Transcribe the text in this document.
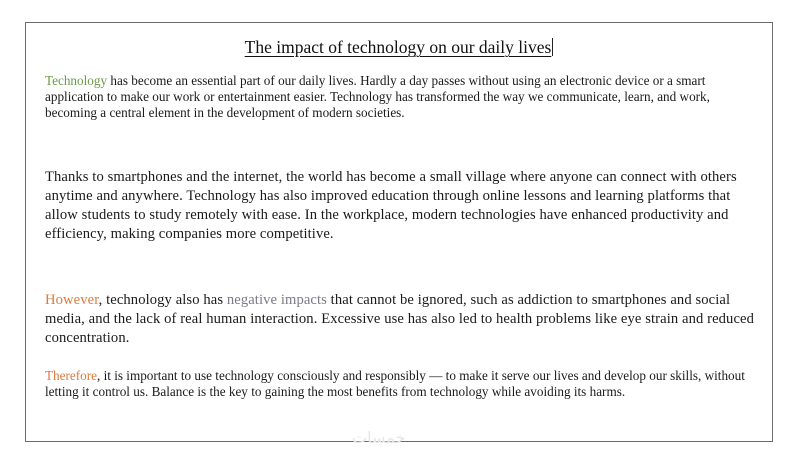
The impact of technology on our daily lives

Technology has become an essential part of our daily lives. Hardly a day passes without using an electronic device or a smart application to make our work or entertainment easier. Technology has transformed the way we communicate, learn, and work, becoming a central element in the development of modern societies.

Thanks to smartphones and the internet, the world has become a small village where anyone can connect with others anytime and anywhere. Technology has also improved education through online lessons and learning platforms that allow students to study remotely with ease. In the workplace, modern technologies have enhanced productivity and efficiency, making companies more competitive.

However, technology also has negative impacts that cannot be ignored, such as addiction to smartphones and social media, and the lack of real human interaction. Excessive use has also led to health problems like eye strain and reduced concentration.

Therefore, it is important to use technology consciously and responsibly — to make it serve our lives and develop our skills, without letting it control us. Balance is the key to gaining the most benefits from technology while avoiding its harms.

خمسات
